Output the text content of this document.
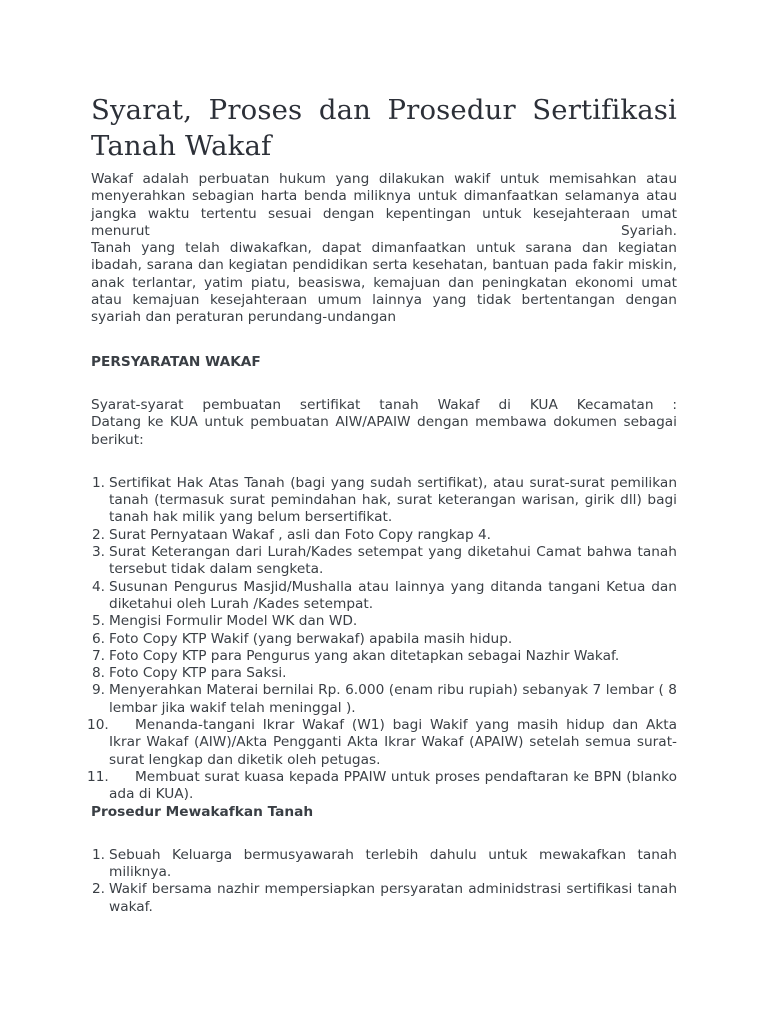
Syarat, Proses dan Prosedur Sertifikasi Tanah Wakaf

Wakaf adalah perbuatan hukum yang dilakukan wakif untuk memisahkan atau menyerahkan sebagian harta benda miliknya untuk dimanfaatkan selamanya atau jangka waktu tertentu sesuai dengan kepentingan untuk kesejahteraan umat menurut Syariah.

Tanah yang telah diwakafkan, dapat dimanfaatkan untuk sarana dan kegiatan ibadah, sarana dan kegiatan pendidikan serta kesehatan, bantuan pada fakir miskin, anak terlantar, yatim piatu, beasiswa, kemajuan dan peningkatan ekonomi umat atau kemajuan kesejahteraan umum lainnya yang tidak bertentangan dengan syariah dan peraturan perundang-undangan

PERSYARATAN WAKAF

Syarat-syarat pembuatan sertifikat tanah Wakaf di KUA Kecamatan :

Datang ke KUA untuk pembuatan AIW/APAIW dengan membawa dokumen sebagai berikut:

1. Sertifikat Hak Atas Tanah (bagi yang sudah sertifikat), atau surat-surat pemilikan tanah (termasuk surat pemindahan hak, surat keterangan warisan, girik dll) bagi tanah hak milik yang belum bersertifikat.
2. Surat Pernyataan Wakaf , asli dan Foto Copy rangkap 4.
3. Surat Keterangan dari Lurah/Kades setempat yang diketahui Camat bahwa tanah tersebut tidak dalam sengketa.
4. Susunan Pengurus Masjid/Mushalla atau lainnya yang ditanda tangani Ketua dan diketahui oleh Lurah /Kades setempat.
5. Mengisi Formulir Model WK dan WD.
6. Foto Copy KTP Wakif (yang berwakaf) apabila masih hidup.
7. Foto Copy KTP para Pengurus yang akan ditetapkan sebagai Nazhir Wakaf.
8. Foto Copy KTP para Saksi.
9. Menyerahkan Materai bernilai Rp. 6.000 (enam ribu rupiah) sebanyak 7 lembar ( 8 lembar jika wakif telah meninggal ).
10. Menanda-tangani Ikrar Wakaf (W1) bagi Wakif yang masih hidup dan Akta Ikrar Wakaf (AIW)/Akta Pengganti Akta Ikrar Wakaf (APAIW) setelah semua surat-surat lengkap dan diketik oleh petugas.
11. Membuat surat kuasa kepada PPAIW untuk proses pendaftaran ke BPN (blanko ada di KUA).
Prosedur Mewakafkan Tanah
1. Sebuah Keluarga bermusyawarah terlebih dahulu untuk mewakafkan tanah miliknya.
2. Wakif bersama nazhir mempersiapkan persyaratan adminidstrasi sertifikasi tanah wakaf.
